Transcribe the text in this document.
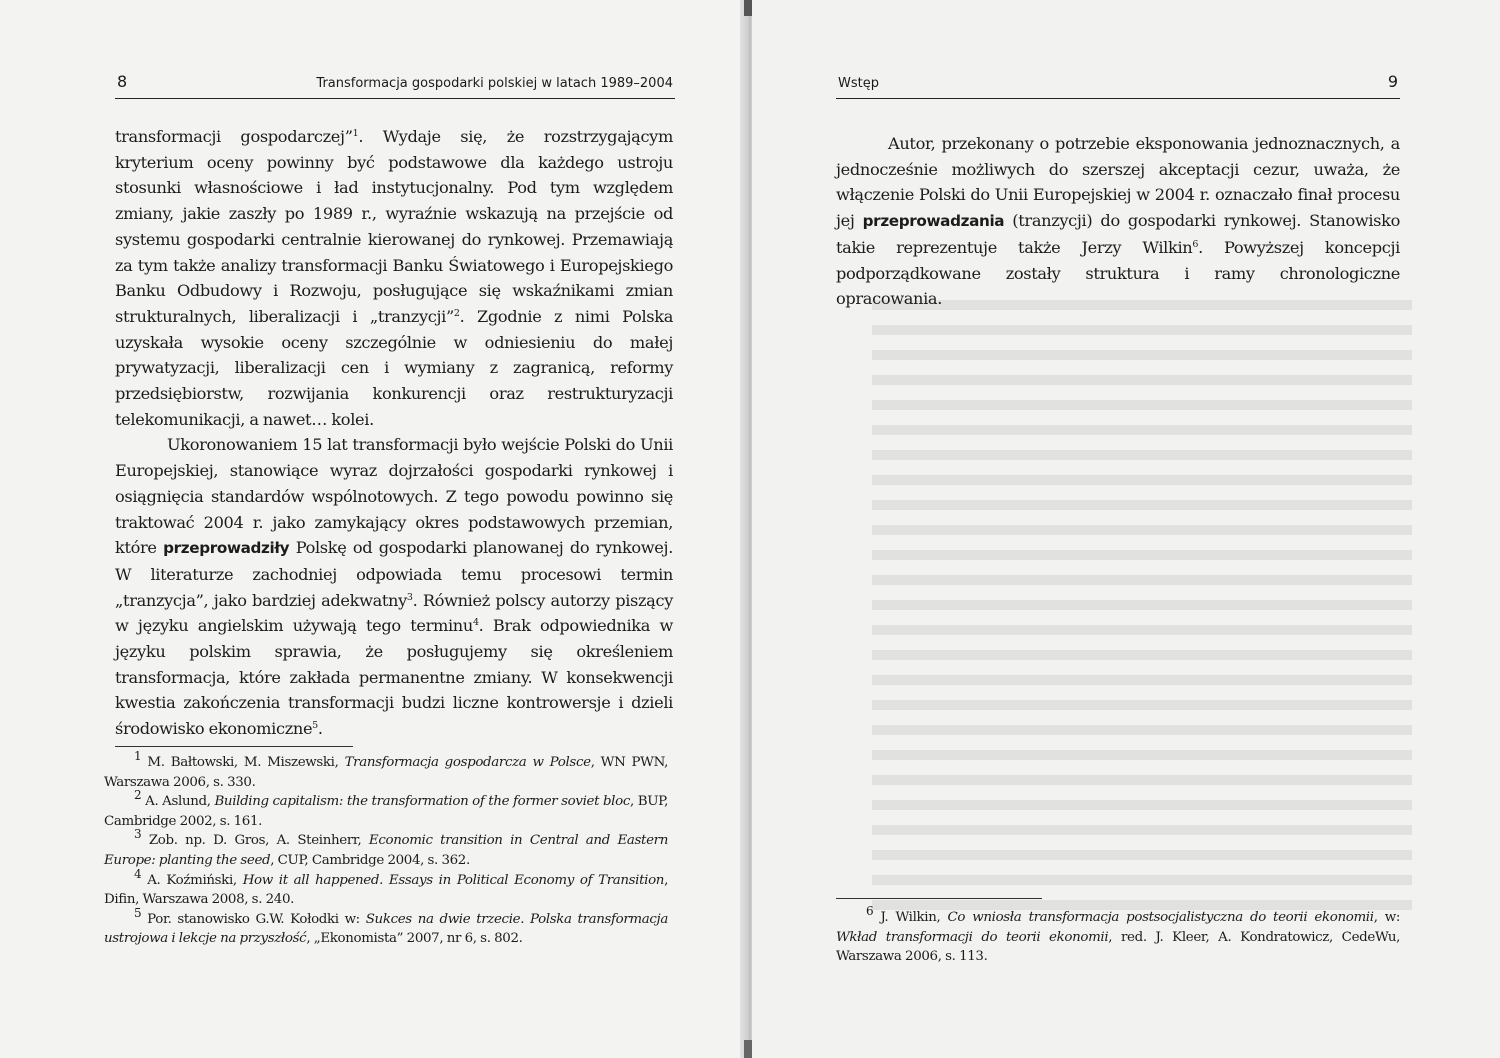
8	Transformacja gospodarki polskiej w latach 1989–2004

transformacji gospodarczej”$^1$. Wydaje się, że rozstrzygającym kryterium oceny powinny być podstawowe dla każdego ustroju stosunki własnościowe i ład instytucjonalny. Pod tym względem zmiany, jakie zaszły po 1989 r., wyraźnie wskazują na przejście od systemu gospodarki centralnie kierowanej do rynkowej. Przemawiają za tym także analizy transformacji Banku Światowego i Europejskiego Banku Odbudowy i Rozwoju, posługujące się wskaźnikami zmian strukturalnych, liberalizacji i „tranzycji”$^2$. Zgodnie z nimi Polska uzyskała wysokie oceny szczególnie w odniesieniu do małej prywatyzacji, liberalizacji cen i wymiany z zagranicą, reformy przedsiębiorstw, rozwijania konkurencji oraz restrukturyzacji telekomunikacji, a nawet… kolei.

Ukoronowaniem 15 lat transformacji było wejście Polski do Unii Europejskiej, stanowiące wyraz dojrzałości gospodarki rynkowej i osiągnięcia standardów wspólnotowych. Z tego powodu powinno się traktować 2004 r. jako zamykający okres podstawowych przemian, które przeprowadziły Polskę od gospodarki planowanej do rynkowej. W literaturze zachodniej odpowiada temu procesowi termin „tranzycja”, jako bardziej adekwatny$^3$. Również polscy autorzy piszący w języku angielskim używają tego terminu$^4$. Brak odpowiednika w języku polskim sprawia, że posługujemy się określeniem transformacja, które zakłada permanentne zmiany. W konsekwencji kwestia zakończenia transformacji budzi liczne kontrowersje i dzieli środowisko ekonomiczne$^5$.

$^1$ M. Bałtowski, M. Miszewski, Transformacja gospodarcza w Polsce, WN PWN, Warszawa 2006, s. 330.

$^2$ A. Aslund, Building capitalism: the transformation of the former soviet bloc, BUP, Cambridge 2002, s. 161.

$^3$ Zob. np. D. Gros, A. Steinherr, Economic transition in Central and Eastern Europe: planting the seed, CUP, Cambridge 2004, s. 362.

$^4$ A. Koźmiński, How it all happened. Essays in Political Economy of Transition, Difin, Warszawa 2008, s. 240.

$^5$ Por. stanowisko G.W. Kołodki w: Sukces na dwie trzecie. Polska transformacja ustrojowa i lekcje na przyszłość, „Ekonomista” 2007, nr 6, s. 802.

Wstęp	9

Autor, przekonany o potrzebie eksponowania jednoznacznych, a jednocześnie możliwych do szerszej akceptacji cezur, uważa, że włączenie Polski do Unii Europejskiej w 2004 r. oznaczało finał procesu jej przeprowadzania (tranzycji) do gospodarki rynkowej. Stanowisko takie reprezentuje także Jerzy Wilkin$^6$. Powyższej koncepcji podporządkowane zostały struktura i ramy chronologiczne opracowania.

$^6$ J. Wilkin, Co wniosła transformacja postsocjalistyczna do teorii ekonomii, w: Wkład transformacji do teorii ekonomii, red. J. Kleer, A. Kondratowicz, CedeWu, Warszawa 2006, s. 113.
